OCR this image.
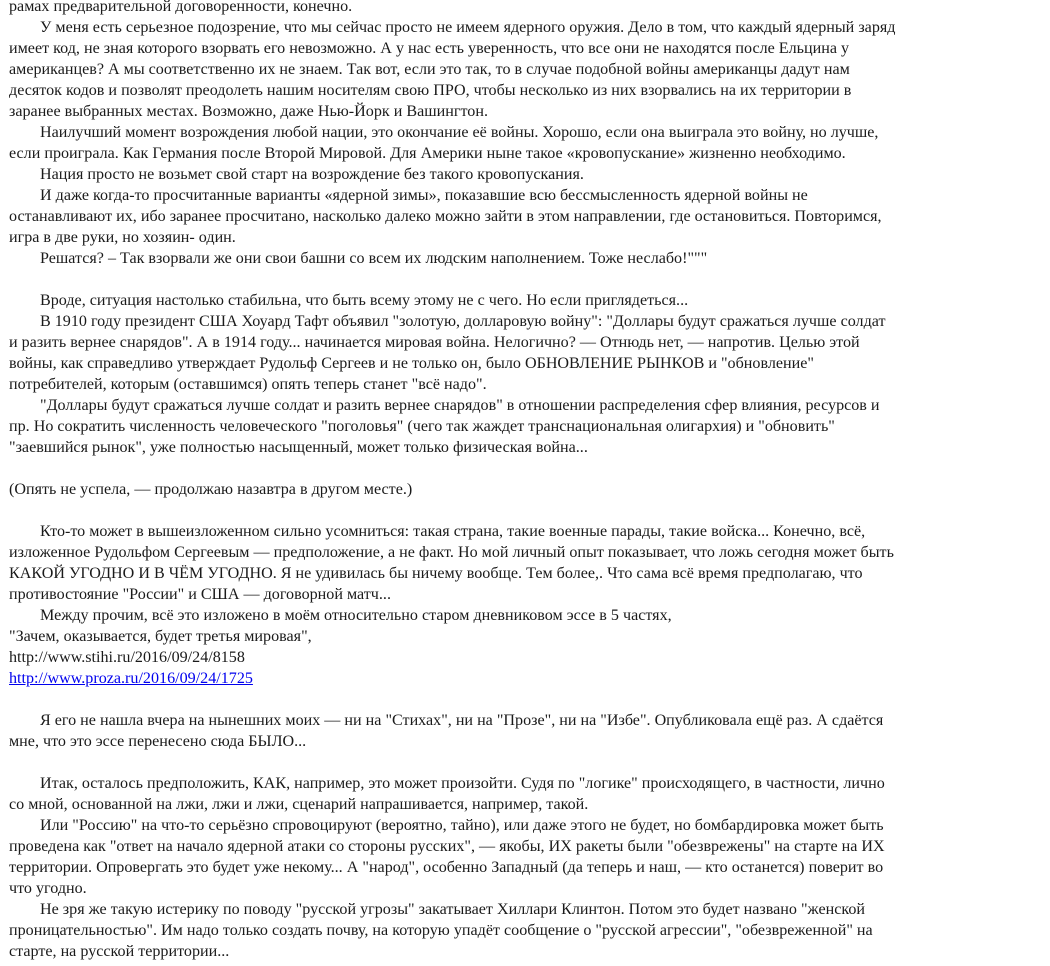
рамах предварительной договоренности, конечно.
У меня есть серьезное подозрение, что мы сейчас просто не имеем ядерного оружия. Дело в том, что каждый ядерный заряд
имеет код, не зная которого взорвать его невозможно. А у нас есть уверенность, что все они не находятся после Ельцина у
американцев? А мы соответственно их не знаем. Так вот, если это так, то в случае подобной войны американцы дадут нам
десяток кодов и позволят преодолеть нашим носителям свою ПРО, чтобы несколько из них взорвались на их территории в
заранее выбранных местах. Возможно, даже Нью-Йорк и Вашингтон.
Наилучший момент возрождения любой нации, это окончание её войны. Хорошо, если она выиграла это войну, но лучше,
если проиграла. Как Германия после Второй Мировой. Для Америки ныне такое «кровопускание» жизненно необходимо.
Нация просто не возьмет свой старт на возрождение без такого кровопускания.
И даже когда-то просчитанные варианты «ядерной зимы», показавшие всю бессмысленность ядерной войны не
останавливают их, ибо заранее просчитано, насколько далеко можно зайти в этом направлении, где остановиться. Повторимся,
игра в две руки, но хозяин- один.
Решатся? – Так взорвали же они свои башни со всем их людским наполнением. Тоже неслабо!"""
Вроде, ситуация настолько стабильна, что быть всему этому не с чего. Но если приглядеться...
В 1910 году президент США Хоуард Тафт объявил "золотую, долларовую войну": "Доллары будут сражаться лучше солдат
и разить вернее снарядов". А в 1914 году... начинается мировая война. Нелогично? — Отнюдь нет, — напротив. Целью этой
войны, как справедливо утверждает Рудольф Сергеев и не только он, было ОБНОВЛЕНИЕ РЫНКОВ и "обновление"
потребителей, которым (оставшимся) опять теперь станет "всё надо".
"Доллары будут сражаться лучше солдат и разить вернее снарядов" в отношении распределения сфер влияния, ресурсов и
пр. Но сократить численность человеческого "поголовья" (чего так жаждет транснациональная олигархия) и "обновить"
"заевшийся рынок", уже полностью насыщенный, может только физическая война...
(Опять не успела, — продолжаю назавтра в другом месте.)
Кто-то может в вышеизложенном сильно усомниться: такая страна, такие военные парады, такие войска... Конечно, всё,
изложенное Рудольфом Сергеевым — предположение, а не факт. Но мой личный опыт показывает, что ложь сегодня может быть
КАКОЙ УГОДНО И В ЧЁМ УГОДНО. Я не удивилась бы ничему вообще. Тем более,. Что сама всё время предполагаю, что
противостояние "России" и США — договорной матч...
Между прочим, всё это изложено в моём относительно старом дневниковом эссе в 5 частях,
"Зачем, оказывается, будет третья мировая",
http://www.stihi.ru/2016/09/24/8158
http://www.proza.ru/2016/09/24/1725
Я его не нашла вчера на нынешних моих — ни на "Стихах", ни на "Прозе", ни на "Избе". Опубликовала ещё раз. А сдаётся
мне, что это эссе перенесено сюда БЫЛО...
Итак, осталось предположить, КАК, например, это может произойти. Судя по "логике" происходящего, в частности, лично
со мной, основанной на лжи, лжи и лжи, сценарий напрашивается, например, такой.
Или "Россию" на что-то серьёзно спровоцируют (вероятно, тайно), или даже этого не будет, но бомбардировка может быть
проведена как "ответ на начало ядерной атаки со стороны русских", — якобы, ИХ ракеты были "обезврежены" на старте на ИХ
территории. Опровергать это будет уже некому... А "народ", особенно Западный (да теперь и наш, — кто останется) поверит во
что угодно.
Не зря же такую истерику по поводу "русской угрозы" закатывает Хиллари Клинтон. Потом это будет названо "женской
проницательностью". Им надо только создать почву, на которую упадёт сообщение о "русской агрессии", "обезвреженной" на
старте, на русской территории...
